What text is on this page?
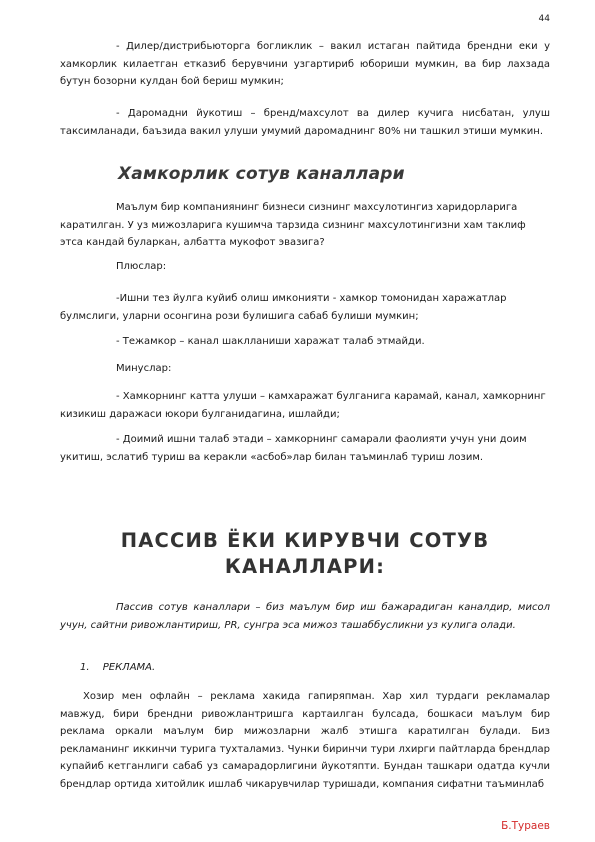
44

- Дилер/дистрибьюторга богликлик – вакил истаган пайтида брендни еки у хамкорлик килаетган етказиб берувчини узгартириб юбориши мумкин, ва бир лахзада бутун бозорни кулдан бой бериш мумкин;

- Даромадни йукотиш – бренд/махсулот ва дилер кучига нисбатан, улуш таксимланади, баъзида вакил улуши умумий даромаднинг 80% ни ташкил этиши мумкин.

Хамкорлик сотув каналлари

Маълум бир компаниянинг бизнеси сизнинг махсулотингиз харидорларига каратилган. У уз мижозларига кушимча тарзида сизнинг махсулотингизни хам таклиф этса кандай буларкан, албатта мукофот эвазига?

Плюслар:

-Ишни тез йулга куйиб олиш имконияти - хамкор томонидан харажатлар булмслиги, уларни осонгина рози булишига сабаб булиши мумкин;

- Тежамкор – канал шаклланиши харажат талаб этмайди.

Минуслар:

- Хамкорнинг катта улуши – камхаражат булганига карамай, канал, хамкорнинг кизикиш даражаси юкори булганидагина, ишлайди;

- Доимий ишни талаб этади – хамкорнинг самарали фаолияти учун уни доим укитиш, эслатиб туриш ва керакли «асбоб»лар билан таъминлаб туриш лозим.

ПАССИВ ЁКИ КИРУВЧИ СОТУВ КАНАЛЛАРИ:

Пассив сотув каналлари – биз маълум бир иш бажарадиган каналдир, мисол учун, сайтни ривожлантириш, PR, сунгра эса мижоз ташаббусликни уз кулига олади.

1. РЕКЛАМА.

Хозир мен офлайн – реклама хакида гапиряпман. Хар хил турдаги рекламалар мавжуд, бири брендни ривожлантришга картаилган булсада, бошкаси маълум бир реклама оркали маълум бир мижозларни жалб этишга каратилган булади. Биз рекламанинг иккинчи турига тухталамиз. Чунки биринчи тури лхирги пайтларда брендлар купайиб кетганлиги сабаб уз самарадорлигини йукотяпти. Бундан ташкари одатда кучли брендлар ортида хитойлик ишлаб чикарувчилар туришади, компания сифатни таъминлаб

Б.Тураев
